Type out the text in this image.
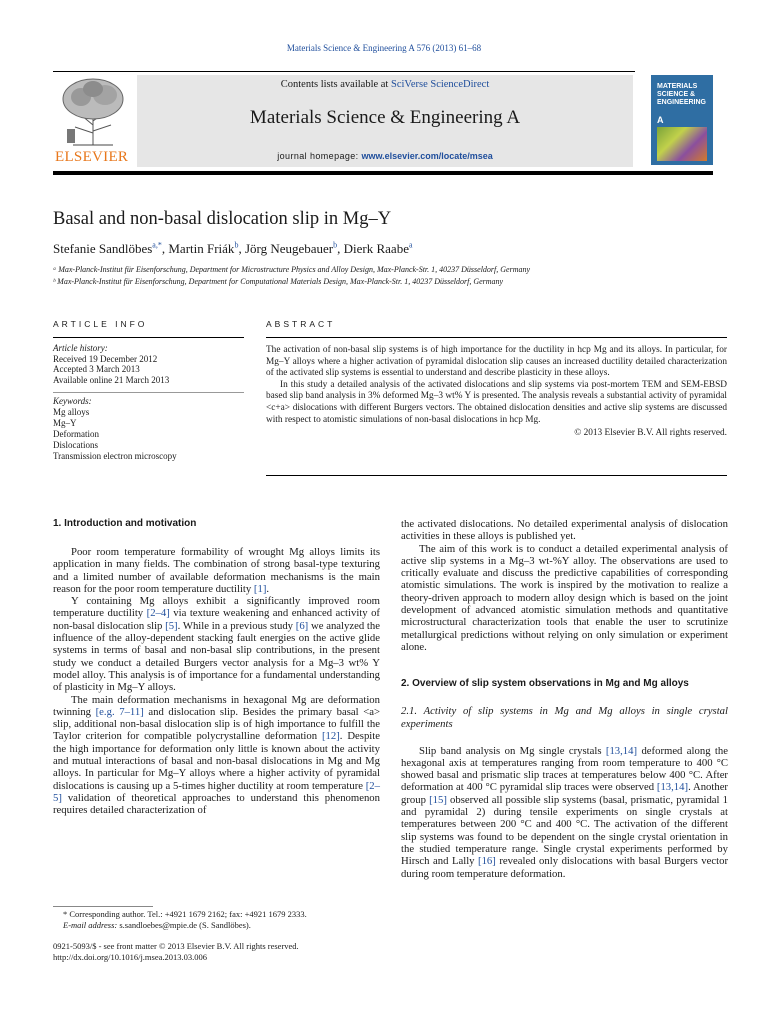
Materials Science & Engineering A 576 (2013) 61–68
ELSEVIER
Contents lists available at SciVerse ScienceDirect
Materials Science & Engineering A
journal homepage: www.elsevier.com/locate/msea
MATERIALS SCIENCE & ENGINEERING
A
Basal and non-basal dislocation slip in Mg–Y
Stefanie Sandlöbes$^{a,*}$, Martin Friák$^b$, Jörg Neugebauer$^b$, Dierk Raabe$^a$
ᵃ Max-Planck-Institut für Eisenforschung, Department for Microstructure Physics and Alloy Design, Max-Planck-Str. 1, 40237 Düsseldorf, Germany
ᵇ Max-Planck-Institut für Eisenforschung, Department for Computational Materials Design, Max-Planck-Str. 1, 40237 Düsseldorf, Germany
ARTICLE INFO	ABSTRACT
Article history:
Received 19 December 2012
Accepted 3 March 2013
Available online 21 March 2013
Keywords:
Mg alloys
Mg–Y
Deformation
Dislocations
Transmission electron microscopy

The activation of non-basal slip systems is of high importance for the ductility in hcp Mg and its alloys. In particular, for Mg–Y alloys where a higher activation of pyramidal dislocation slip causes an increased ductility detailed characterization of the activated slip systems is essential to understand and describe plasticity in these alloys.

In this study a detailed analysis of the activated dislocations and slip systems via post-mortem TEM and SEM-EBSD based slip band analysis in 3% deformed Mg–3 wt% Y is presented. The analysis reveals a substantial activity of pyramidal <c+a> dislocations with different Burgers vectors. The obtained dislocation densities and active slip systems are discussed with respect to atomistic simulations of non-basal dislocations in hcp Mg.

© 2013 Elsevier B.V. All rights reserved.

1. Introduction and motivation

Poor room temperature formability of wrought Mg alloys limits its application in many fields. The combination of strong basal-type texturing and a limited number of available deformation mechanisms is the main reason for the poor room temperature ductility [1].

Y containing Mg alloys exhibit a significantly improved room temperature ductility [2–4] via texture weakening and enhanced activity of non-basal dislocation slip [5]. While in a previous study [6] we analyzed the influence of the alloy-dependent stacking fault energies on the active glide systems in terms of basal and non-basal slip contributions, in the present study we conduct a detailed Burgers vector analysis for a Mg–3 wt% Y model alloy. This analysis is of importance for a fundamental understanding of plasticity in Mg–Y alloys.

The main deformation mechanisms in hexagonal Mg are deformation twinning [e.g. 7–11] and dislocation slip. Besides the primary basal <a> slip, additional non-basal dislocation slip is of high importance to fulfill the Taylor criterion for compatible polycrystalline deformation [12]. Despite the high importance for deformation only little is known about the activity and mutual interactions of basal and non-basal dislocations in Mg and Mg alloys. In particular for Mg–Y alloys where a higher activity of pyramidal dislocations is causing up a 5-times higher ductility at room temperature [2–5] validation of theoretical approaches to understand this phenomenon requires detailed characterization of

the activated dislocations. No detailed experimental analysis of dislocation activities in these alloys is published yet.

The aim of this work is to conduct a detailed experimental analysis of active slip systems in a Mg–3 wt-%Y alloy. The observations are used to critically evaluate and discuss the predictive capabilities of corresponding atomistic simulations. The work is inspired by the motivation to realize a theory-driven approach to modern alloy design which is based on the joint development of advanced atomistic simulation methods and quantitative microstructural characterization tools that enable the user to scrutinize metallurgical predictions without relying on only simulation or experiment alone.

2. Overview of slip system observations in Mg and Mg alloys
2.1. Activity of slip systems in Mg and Mg alloys in single crystal experiments

Slip band analysis on Mg single crystals [13,14] deformed along the hexagonal axis at temperatures ranging from room temperature to 400 °C showed basal and prismatic slip traces at temperatures below 400 °C. After deformation at 400 °C pyramidal slip traces were observed [13,14]. Another group [15] observed all possible slip systems (basal, prismatic, pyramidal 1 and pyramidal 2) during tensile experiments on single crystals at temperatures between 200 °C and 400 °C. The activation of the different slip systems was found to be dependent on the single crystal orientation in the studied temperature range. Single crystal experiments performed by Hirsch and Lally [16] revealed only dislocations with basal Burgers vector during room temperature deformation.

* Corresponding author. Tel.: +4921 1679 2162; fax: +4921 1679 2333.
E-mail address: s.sandloebes@mpie.de (S. Sandlöbes).
0921-5093/$ - see front matter © 2013 Elsevier B.V. All rights reserved.
http://dx.doi.org/10.1016/j.msea.2013.03.006
